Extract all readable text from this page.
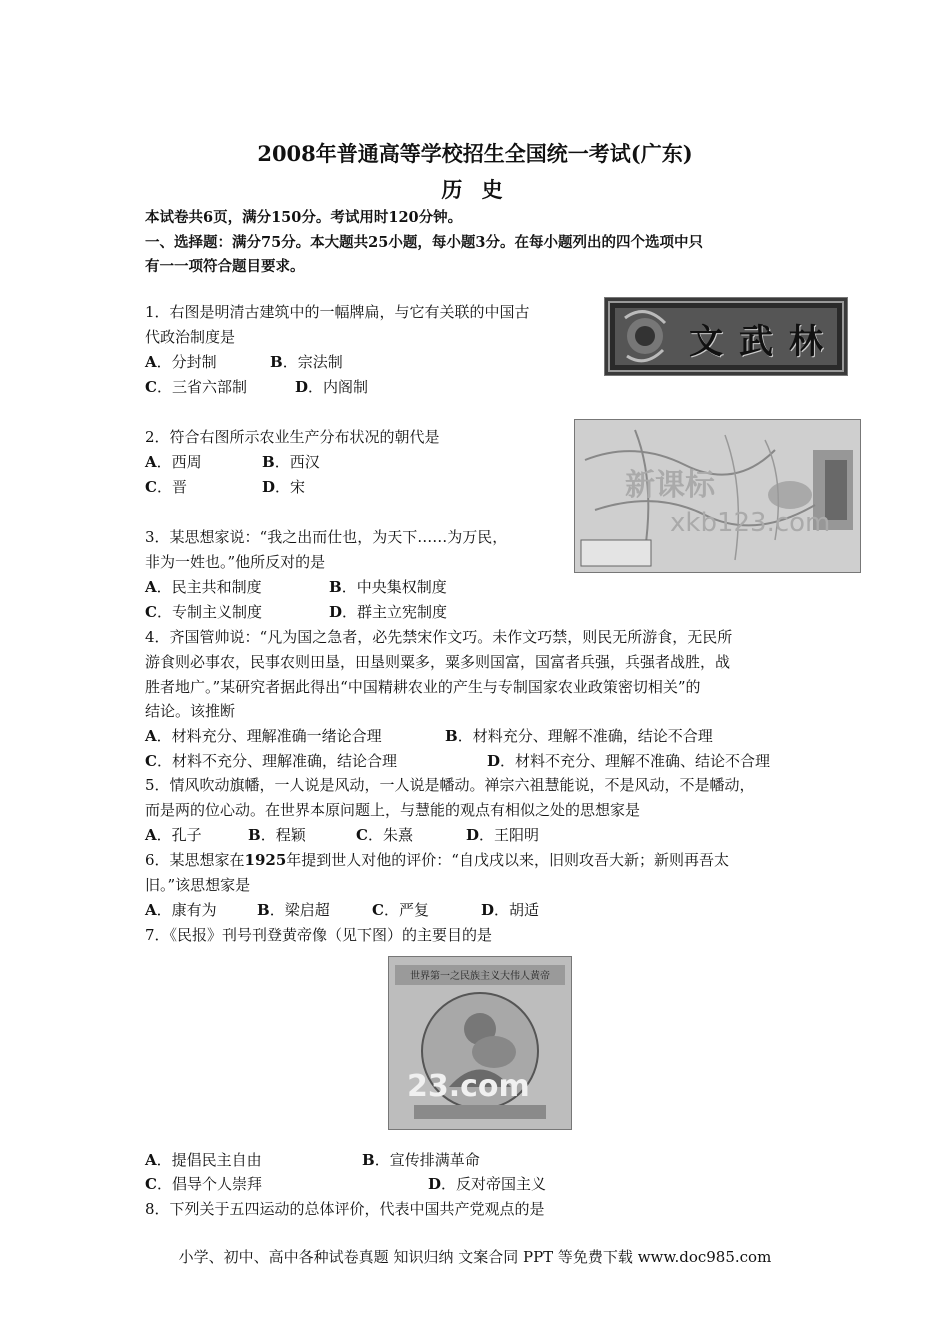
2008年普通高等学校招生全国统一考试(广东)
历 史
本试卷共6页，满分150分。考试用时120分钟。
一、选择题：满分75分。本大题共25小题，每小题3分。在每小题列出的四个选项中只
有一一项符合题目要求。
1．右图是明清古建筑中的一幅牌扁，与它有关联的中国古
代政治制度是
A．分封制	B．宗法制
C．三省六部制	D．内阁制
文 武 林
2．符合右图所示农业生产分布状况的朝代是
A．西周	B．西汉
C．晋	D．宋	新课标
xkb123.com
3．某思想家说：“我之出而仕也，为天下……为万民，
非为一姓也。”他所反对的是
A．民主共和制度	B．中央集权制度
C．专制主义制度	D．群主立宪制度
4．齐国管帅说：“凡为国之急者，必先禁宋作文巧。未作文巧禁，则民无所游食，无民所
游食则必事农，民事农则田垦，田垦则粟多，粟多则国富，国富者兵强，兵强者战胜，战
胜者地广。”某研究者据此得出“中国精耕农业的产生与专制国家农业政策密切相关”的
结论。该推断
A．材料充分、理解准确一绪论合理	B．材料充分、理解不准确，结论不合理
C．材料不充分、理解准确，结论合理	D．材料不充分、理解不准确、结论不合理
5．情风吹动旗幡，一人说是风动，一人说是幡动。禅宗六祖慧能说，不是风动，不是幡动，
而是两的位心动。在世界本原问题上，与慧能的观点有相似之处的思想家是
A．孔子	B．程颖	C．朱熹	D．王阳明
6．某思想家在1925年提到世人对他的评价：“自戊戌以来，旧则攻吾大新；新则再吾太
旧。”该思想家是
A．康有为	B．梁启超	C．严复	D．胡适
7．《民报》刊号刊登黄帝像（见下图）的主要目的是
世界第一之民族主义大伟人黄帝
23.com
A．提倡民主自由	B．宣传排满革命
C．倡导个人崇拜	D．反对帝国主义
8．下列关于五四运动的总体评价，代表中国共产党观点的是
小学、初中、高中各种试卷真题 知识归纳 文案合同 PPT 等免费下载 www.doc985.com
